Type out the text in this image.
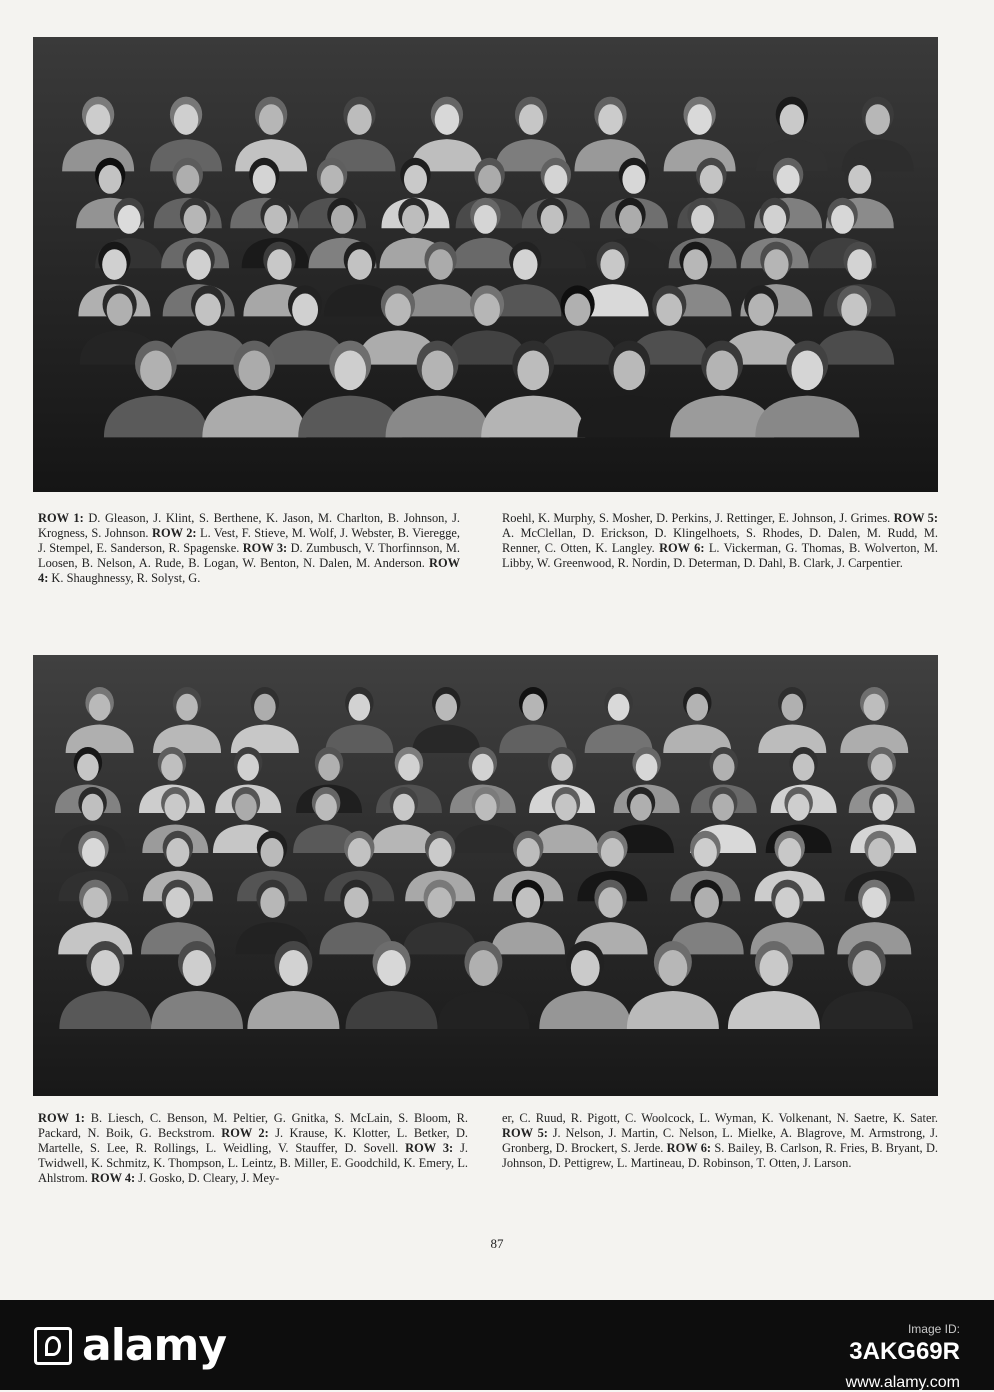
ROW 1: D. Gleason, J. Klint, S. Berthene, K. Jason, M. Charlton, B. Johnson, J. Krogness, S. Johnson. ROW 2: L. Vest, F. Stieve, M. Wolf, J. Webster, B. Vieregge, J. Stempel, E. Sanderson, R. Spagenske. ROW 3: D. Zumbusch, V. Thorfinnson, M. Loosen, B. Nelson, A. Rude, B. Logan, W. Benton, N. Dalen, M. Anderson. ROW 4: K. Shaughnessy, R. Solyst, G.
Roehl, K. Murphy, S. Mosher, D. Perkins, J. Rettinger, E. Johnson, J. Grimes. ROW 5: A. McClellan, D. Erickson, D. Klingelhoets, S. Rhodes, D. Dalen, M. Rudd, M. Renner, C. Otten, K. Langley. ROW 6: L. Vickerman, G. Thomas, B. Wolverton, M. Libby, W. Greenwood, R. Nordin, D. Determan, D. Dahl, B. Clark, J. Carpentier.
ROW 1: B. Liesch, C. Benson, M. Peltier, G. Gnitka, S. McLain, S. Bloom, R. Packard, N. Boik, G. Beckstrom. ROW 2: J. Krause, K. Klotter, L. Betker, D. Martelle, S. Lee, R. Rollings, L. Weidling, V. Stauffer, D. Sovell. ROW 3: J. Twidwell, K. Schmitz, K. Thompson, L. Leintz, B. Miller, E. Goodchild, K. Emery, L. Ahlstrom. ROW 4: J. Gosko, D. Cleary, J. Mey-
er, C. Ruud, R. Pigott, C. Woolcock, L. Wyman, K. Volkenant, N. Saetre, K. Sater. ROW 5: J. Nelson, J. Martin, C. Nelson, L. Mielke, A. Blagrove, M. Armstrong, J. Gronberg, D. Brockert, S. Jerde. ROW 6: S. Bailey, B. Carlson, R. Fries, B. Bryant, D. Johnson, D. Pettigrew, L. Martineau, D. Robinson, T. Otten, J. Larson.
87
alamy	Image ID:
3AKG69R
www.alamy.com
